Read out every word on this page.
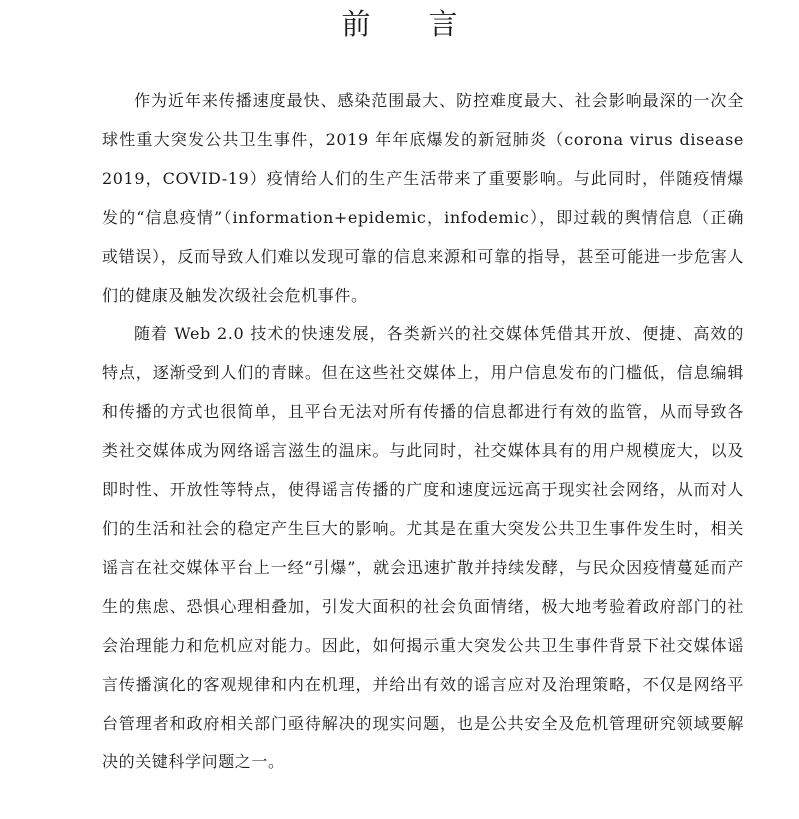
前言

作为近年来传播速度最快、感染范围最大、防控难度最大、社会影响最深的一次全球性重大突发公共卫生事件，2019 年年底爆发的新冠肺炎（corona virus disease 2019，COVID-19）疫情给人们的生产生活带来了重要影响。与此同时，伴随疫情爆发的“信息疫情”（information+epidemic，infodemic），即过载的舆情信息（正确或错误），反而导致人们难以发现可靠的信息来源和可靠的指导，甚至可能进一步危害人们的健康及触发次级社会危机事件。

随着 Web 2.0 技术的快速发展，各类新兴的社交媒体凭借其开放、便捷、高效的特点，逐渐受到人们的青睐。但在这些社交媒体上，用户信息发布的门槛低，信息编辑和传播的方式也很简单，且平台无法对所有传播的信息都进行有效的监管，从而导致各类社交媒体成为网络谣言滋生的温床。与此同时，社交媒体具有的用户规模庞大，以及即时性、开放性等特点，使得谣言传播的广度和速度远远高于现实社会网络，从而对人们的生活和社会的稳定产生巨大的影响。尤其是在重大突发公共卫生事件发生时，相关谣言在社交媒体平台上一经“引爆”，就会迅速扩散并持续发酵，与民众因疫情蔓延而产生的焦虑、恐惧心理相叠加，引发大面积的社会负面情绪，极大地考验着政府部门的社会治理能力和危机应对能力。因此，如何揭示重大突发公共卫生事件背景下社交媒体谣言传播演化的客观规律和内在机理，并给出有效的谣言应对及治理策略，不仅是网络平台管理者和政府相关部门亟待解决的现实问题，也是公共安全及危机管理研究领域要解决的关键科学问题之一。
